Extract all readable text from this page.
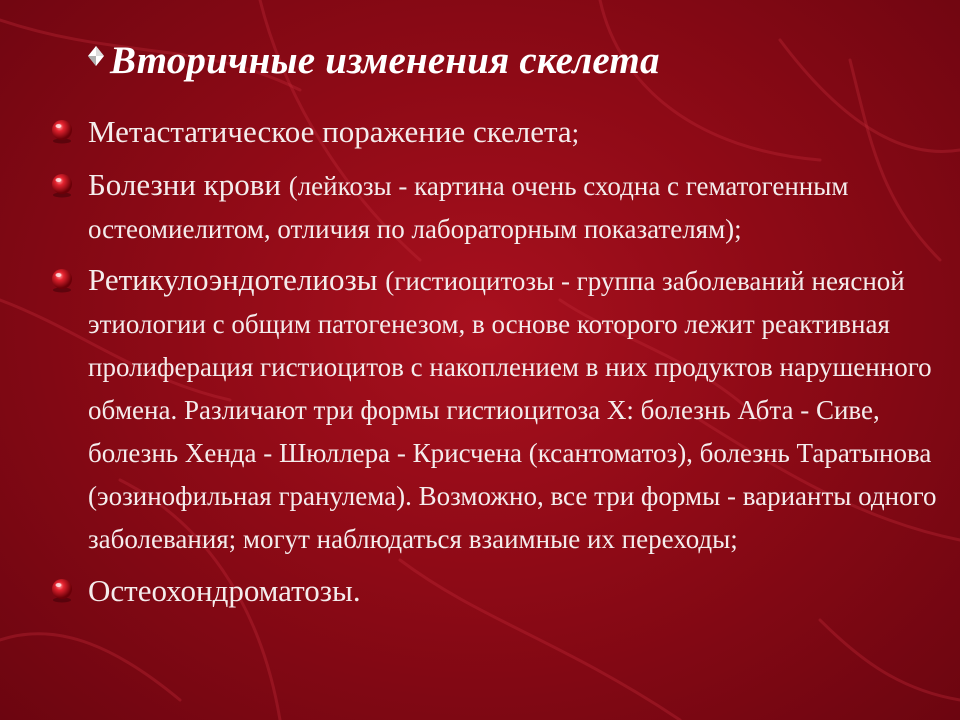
Вторичные изменения скелета
Метастатическое поражение скелета;
Болезни крови (лейкозы - картина очень сходна с гематогенным остеомиелитом, отличия по лабораторным показателям);
Ретикулоэндотелиозы (гистиоцитозы - группа заболеваний неясной этиологии с общим патогенезом, в основе которого лежит реактивная пролиферация гистиоцитов с накоплением в них продуктов нарушенного обмена. Различают три формы гистиоцитоза X: болезнь Абта - Сиве, болезнь Хенда - Шюллера - Крисчена (ксантоматоз), болезнь Таратынова (эозинофильная гранулема). Возможно, все три формы - варианты одного заболевания; могут наблюдаться взаимные их переходы;
Остеохондроматозы.
